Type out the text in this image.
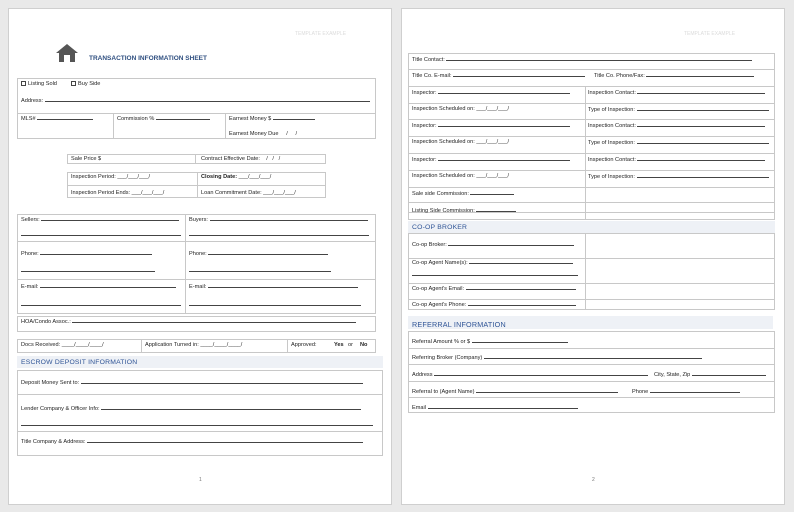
TEMPLATE EXAMPLE
TRANSACTION INFORMATION SHEET
Listing Sold	Buy Side
Address:
MLS#	Commission %	Earnest Money $
Earnest Money Due     /     /
Sale Price $	Contract Effective Date:    /   /   /
Inspection Period: ___/___/___/	Closing Date: ___/___/___/
Inspection Period Ends: ___/___/___/	Loan Commitment Date: ___/___/___/
Sellers:	Buyers:
Phone:	Phone:
E-mail:	E-mail:
HOA/Condo Assoc.:
Docs Received: ____/____/____/	Application Turned in: ____/____/____/	Approved:	Yes or No
ESCROW DEPOSIT INFORMATION
Deposit Money Sent to:
Lender Company & Officer Info:
Title Company & Address:
1
TEMPLATE EXAMPLE
Title Contact:
Title Co. E-mail:	Title Co. Phone/Fax:
Inspector:	Inspection Contact:
Inspection Scheduled on: ___/___/___/	Type of Inspection:
Inspector:	Inspection Contact:
Inspection Scheduled on: ___/___/___/	Type of Inspection:
Inspector:	Inspection Contact:
Inspection Scheduled on: ___/___/___/	Type of Inspection:
Sale side Commission:
Listing Side Commission:
CO-OP BROKER
Co-op Broker:
Co-op Agent Name(s):
Co-op Agent's Email:
Co-op Agent's Phone:
REFERRAL INFORMATION
Referral Amount % or $
Referring Broker (Company)
Address	City, State, Zip
Referral to (Agent Name)	Phone
Email
2
